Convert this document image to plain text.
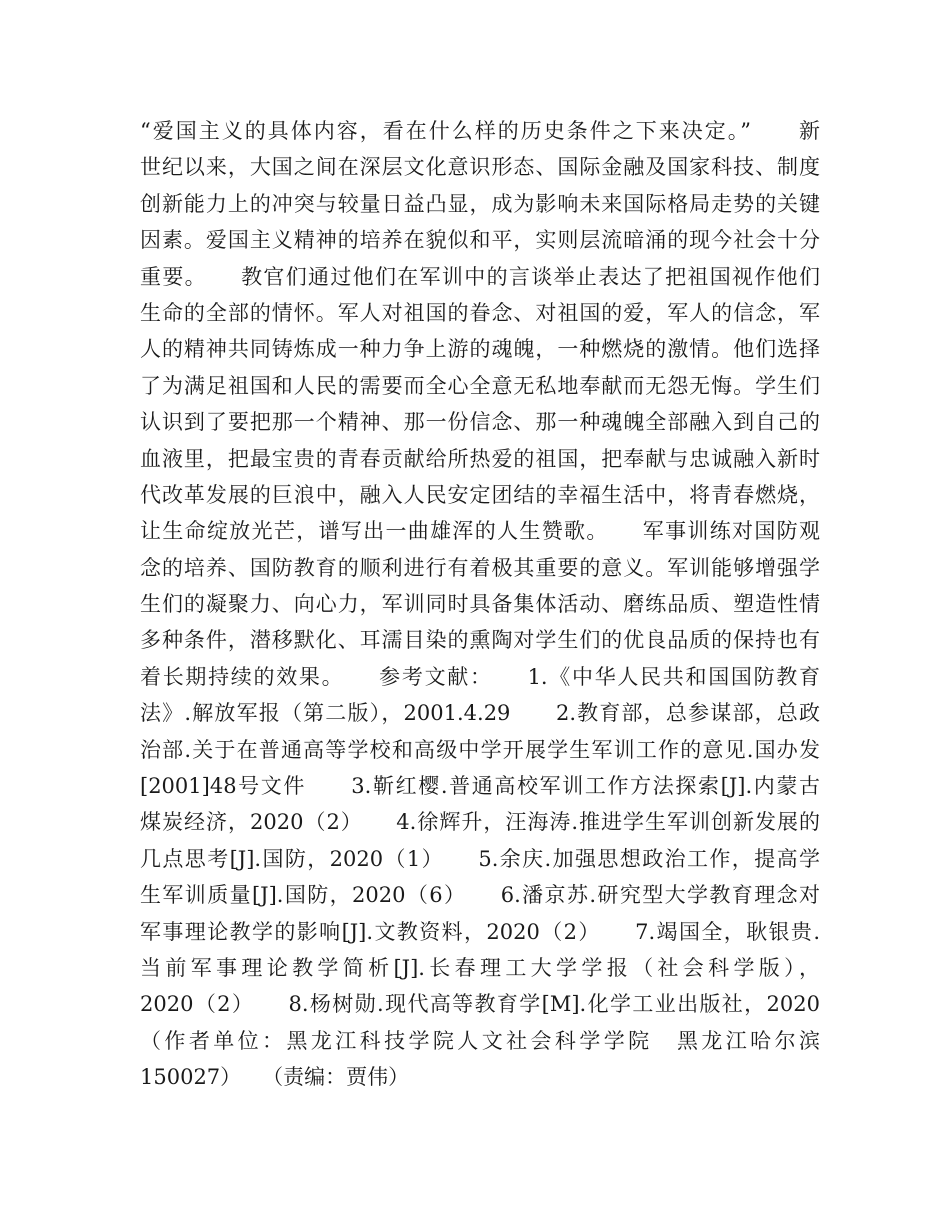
“爱国主义的具体内容，看在什么样的历史条件之下来决定。”　　新
世纪以来，大国之间在深层文化意识形态、国际金融及国家科技、制度
创新能力上的冲突与较量日益凸显，成为影响未来国际格局走势的关键
因素。爱国主义精神的培养在貌似和平，实则层流暗涌的现今社会十分
重要。　　教官们通过他们在军训中的言谈举止表达了把祖国视作他们
生命的全部的情怀。军人对祖国的眷念、对祖国的爱，军人的信念，军
人的精神共同铸炼成一种力争上游的魂魄，一种燃烧的激情。他们选择
了为满足祖国和人民的需要而全心全意无私地奉献而无怨无悔。学生们
认识到了要把那一个精神、那一份信念、那一种魂魄全部融入到自己的
血液里，把最宝贵的青春贡献给所热爱的祖国，把奉献与忠诚融入新时
代改革发展的巨浪中，融入人民安定团结的幸福生活中，将青春燃烧，
让生命绽放光芒，谱写出一曲雄浑的人生赞歌。　　军事训练对国防观
念的培养、国防教育的顺利进行有着极其重要的意义。军训能够增强学
生们的凝聚力、向心力，军训同时具备集体活动、磨练品质、塑造性情
多种条件，潜移默化、耳濡目染的熏陶对学生们的优良品质的保持也有
着长期持续的效果。　　参考文献：　　1.《中华人民共和国国防教育
法》.解放军报（第二版），2001.4.29　　2.教育部，总参谋部，总政
治部.关于在普通高等学校和高级中学开展学生军训工作的意见.国办发
[2001]48号文件　　3.靳红樱.普通高校军训工作方法探索[J].内蒙古
煤炭经济，2020（2）　　4.徐辉升，汪海涛.推进学生军训创新发展的
几点思考[J].国防，2020（1）　　5.余庆.加强思想政治工作，提高学
生军训质量[J].国防，2020（6）　　6.潘京苏.研究型大学教育理念对
军事理论教学的影响[J].文教资料，2020（2）　　7.竭国全，耿银贵.
当前军事理论教学简析[J].长春理工大学学报（社会科学版），
2020（2）　　8.杨树勋.现代高等教育学[M].化学工业出版社，2020
（作者单位：黑龙江科技学院人文社会科学学院　黑龙江哈尔滨
150027）　　（责编：贾伟）
